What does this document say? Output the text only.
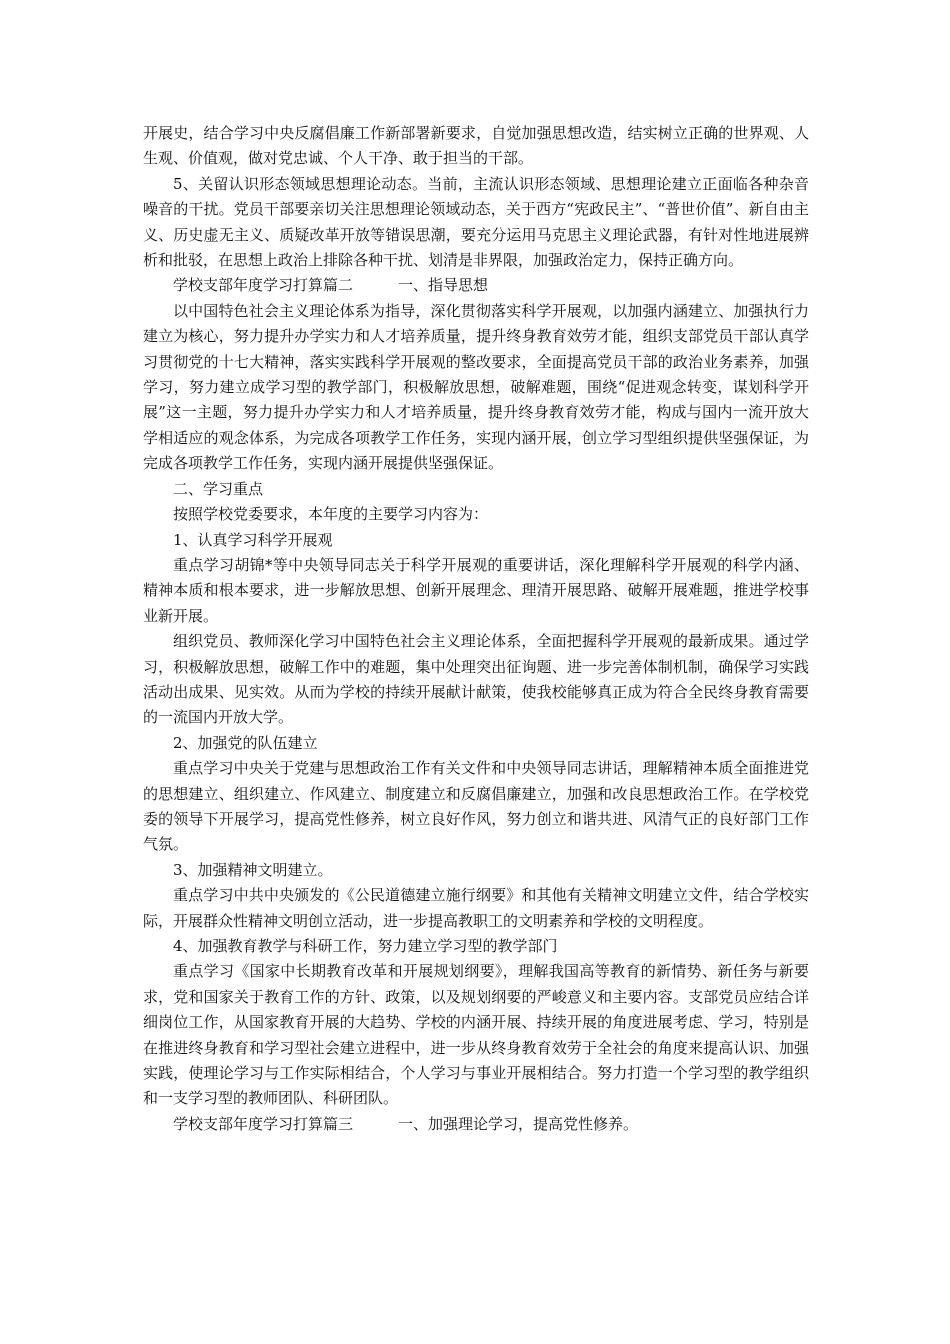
开展史，结合学习中央反腐倡廉工作新部署新要求，自觉加强思想改造，结实树立正确的世界观、人生观、价值观，做对党忠诚、个人干净、敢于担当的干部。

5、关留认识形态领域思想理论动态。当前，主流认识形态领域、思想理论建立正面临各种杂音噪音的干扰。党员干部要亲切关注思想理论领域动态，关于西方“宪政民主”、“普世价值”、新自由主义、历史虚无主义、质疑改革开放等错误思潮，要充分运用马克思主义理论武器，有针对性地进展辨析和批驳，在思想上政治上排除各种干扰、划清是非界限，加强政治定力，保持正确方向。

学校支部年度学习打算篇二	一、指导思想

以中国特色社会主义理论体系为指导，深化贯彻落实科学开展观，以加强内涵建立、加强执行力建立为核心，努力提升办学实力和人才培养质量，提升终身教育效劳才能，组织支部党员干部认真学习贯彻党的十七大精神，落实实践科学开展观的整改要求，全面提高党员干部的政治业务素养，加强学习，努力建立成学习型的教学部门，积极解放思想，破解难题，围绕“促进观念转变，谋划科学开展”这一主题，努力提升办学实力和人才培养质量，提升终身教育效劳才能，构成与国内一流开放大学相适应的观念体系，为完成各项教学工作任务，实现内涵开展，创立学习型组织提供坚强保证，为完成各项教学工作任务，实现内涵开展提供坚强保证。

二、学习重点

按照学校党委要求，本年度的主要学习内容为：

1、认真学习科学开展观

重点学习胡锦*等中央领导同志关于科学开展观的重要讲话，深化理解科学开展观的科学内涵、精神本质和根本要求，进一步解放思想、创新开展理念、理清开展思路、破解开展难题，推进学校事业新开展。

组织党员、教师深化学习中国特色社会主义理论体系，全面把握科学开展观的最新成果。通过学习，积极解放思想，破解工作中的难题，集中处理突出征询题、进一步完善体制机制，确保学习实践活动出成果、见实效。从而为学校的持续开展献计献策，使我校能够真正成为符合全民终身教育需要的一流国内开放大学。

2、加强党的队伍建立

重点学习中央关于党建与思想政治工作有关文件和中央领导同志讲话，理解精神本质全面推进党的思想建立、组织建立、作风建立、制度建立和反腐倡廉建立，加强和改良思想政治工作。在学校党委的领导下开展学习，提高党性修养，树立良好作风，努力创立和谐共进、风清气正的良好部门工作气氛。

3、加强精神文明建立。

重点学习中共中央颁发的《公民道德建立施行纲要》和其他有关精神文明建立文件，结合学校实际，开展群众性精神文明创立活动，进一步提高教职工的文明素养和学校的文明程度。

4、加强教育教学与科研工作，努力建立学习型的教学部门

重点学习《国家中长期教育改革和开展规划纲要》，理解我国高等教育的新情势、新任务与新要求，党和国家关于教育工作的方针、政策，以及规划纲要的严峻意义和主要内容。支部党员应结合详细岗位工作，从国家教育开展的大趋势、学校的内涵开展、持续开展的角度进展考虑、学习，特别是在推进终身教育和学习型社会建立进程中，进一步从终身教育效劳于全社会的角度来提高认识、加强实践，使理论学习与工作实际相结合，个人学习与事业开展相结合。努力打造一个学习型的教学组织和一支学习型的教师团队、科研团队。

学校支部年度学习打算篇三	一、加强理论学习，提高党性修养。
